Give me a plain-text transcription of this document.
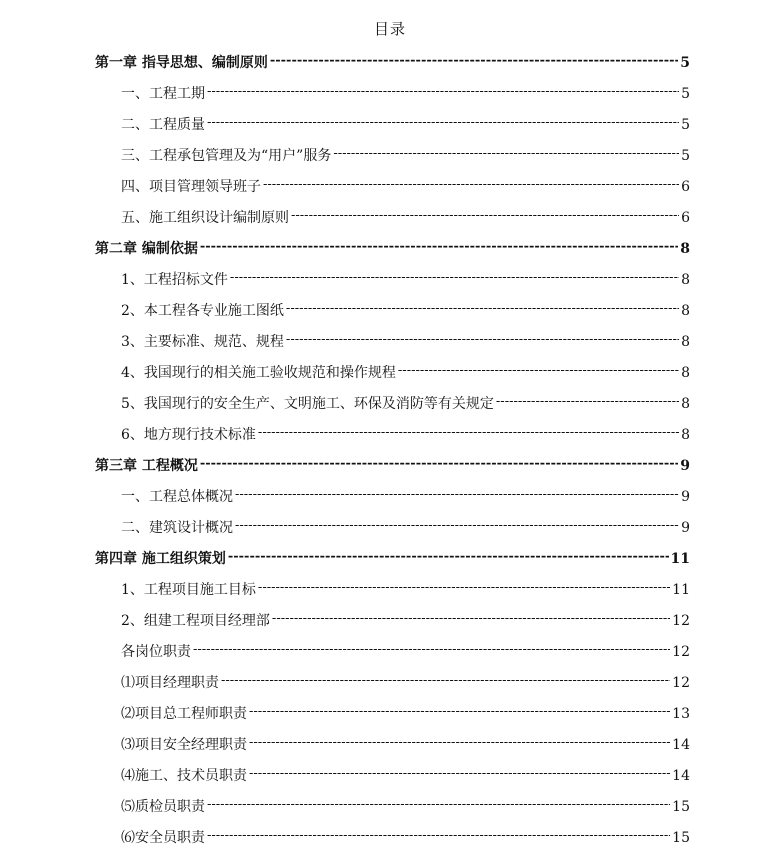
目录
第一章 指导思想、编制原则 -----	5
一、工程工期 -----	5
二、工程质量 -----	5
三、工程承包管理及为“用户”服务 -----	5
四、项目管理领导班子 -----	6
五、施工组织设计编制原则 -----	6
第二章 编制依据 -----	8
1、工程招标文件 -----	8
2、本工程各专业施工图纸 -----	8
3、主要标准、规范、规程 -----	8
4、我国现行的相关施工验收规范和操作规程 -----	8
5、我国现行的安全生产、文明施工、环保及消防等有关规定 -----	8
6、地方现行技术标准 -----	8
第三章 工程概况 -----	9
一、工程总体概况 -----	9
二、建筑设计概况 -----	9
第四章 施工组织策划 -----	11
1、工程项目施工目标 -----	11
2、组建工程项目经理部 -----	12
各岗位职责 -----	12
⑴项目经理职责 -----	12
⑵项目总工程师职责 -----	13
⑶项目安全经理职责 -----	14
⑷施工、技术员职责 -----	14
⑸质检员职责 -----	15
⑹安全员职责 -----	15
